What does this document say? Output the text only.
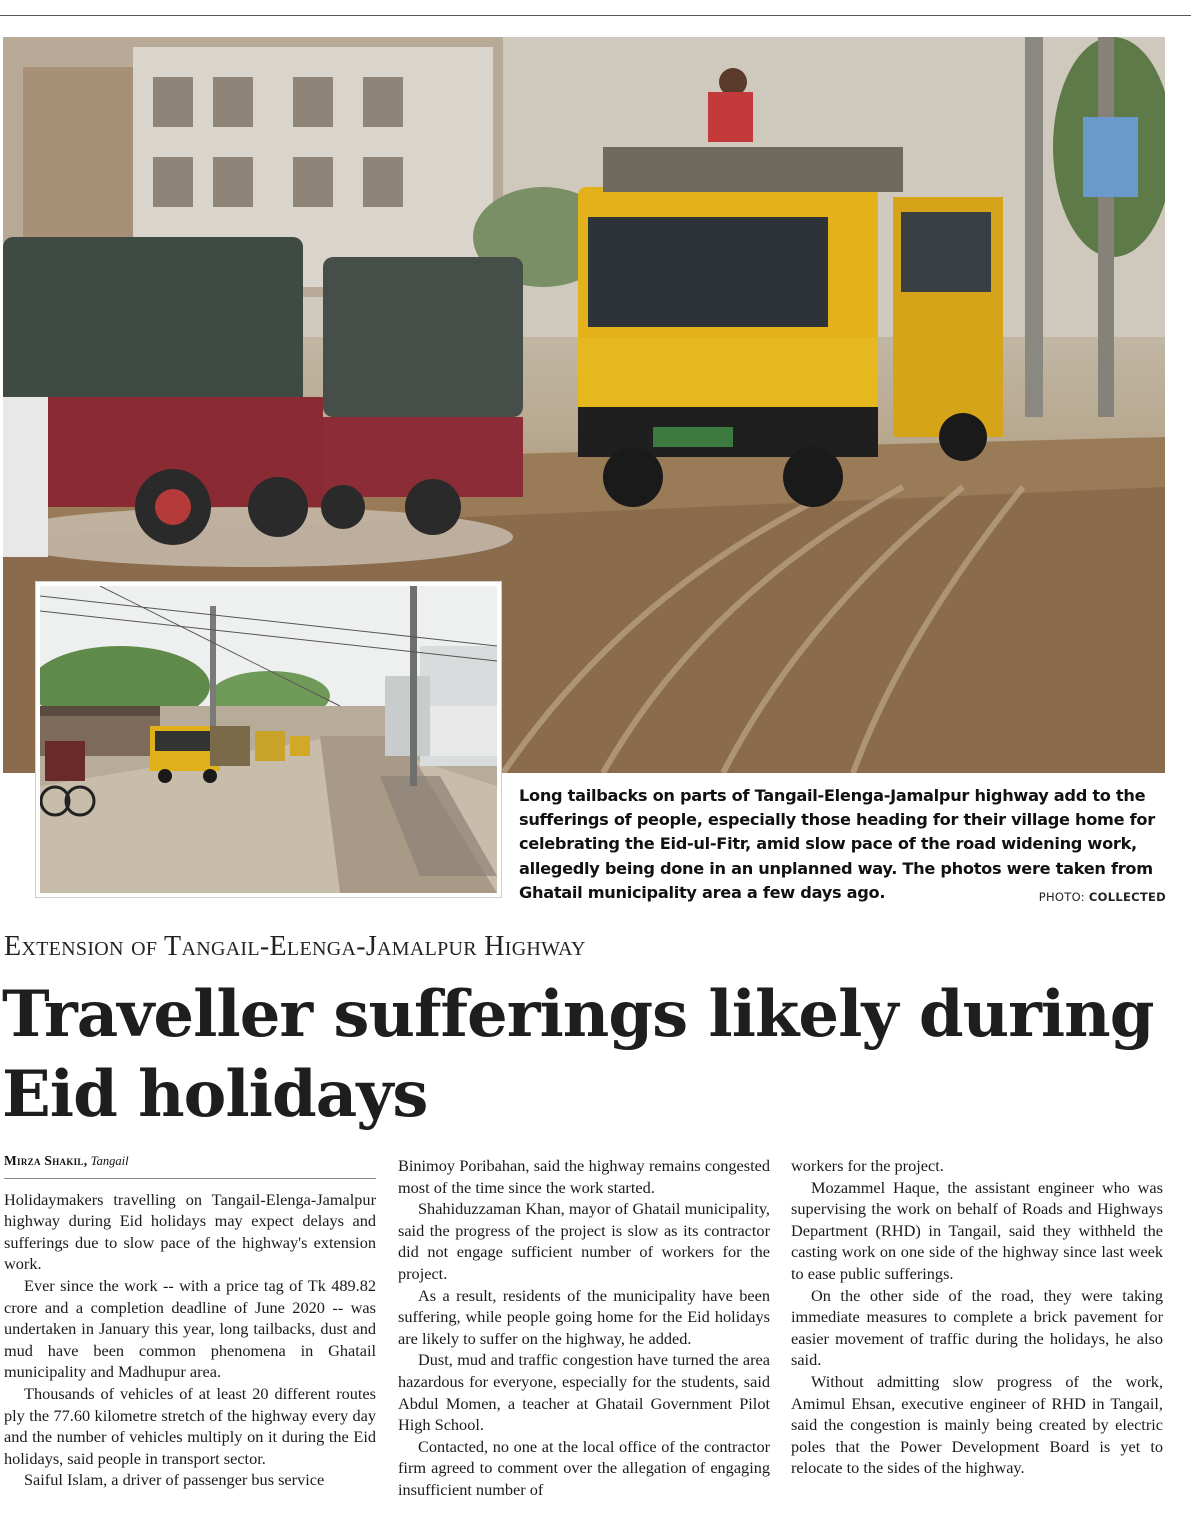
Long tailbacks on parts of Tangail-Elenga-Jamalpur highway add to the sufferings of people, especially those heading for their village home for celebrating the Eid-ul-Fitr, amid slow pace of the road widening work, allegedly being done in an unplanned way. The photos were taken from Ghatail municipality area a few days ago.	PHOTO: COLLECTED
Extension of Tangail-Elenga-Jamalpur Highway
Traveller sufferings likely during Eid holidays
Mirza Shakil, Tangail

Holidaymakers travelling on Tangail-Elenga-Jamalpur highway during Eid holidays may expect delays and sufferings due to slow pace of the highway's extension work.

Ever since the work -- with a price tag of Tk 489.82 crore and a completion deadline of June 2020 -- was undertaken in January this year, long tailbacks, dust and mud have been common phenomena in Ghatail municipality and Madhupur area.

Thousands of vehicles of at least 20 different routes ply the 77.60 kilometre stretch of the highway every day and the number of vehicles multiply on it during the Eid holidays, said people in transport sector.

Saiful Islam, a driver of passenger bus service

Binimoy Poribahan, said the highway remains congested most of the time since the work started.

Shahiduzzaman Khan, mayor of Ghatail municipality, said the progress of the project is slow as its contractor did not engage sufficient number of workers for the project.

As a result, residents of the municipality have been suffering, while people going home for the Eid holidays are likely to suffer on the highway, he added.

Dust, mud and traffic congestion have turned the area hazardous for everyone, especially for the students, said Abdul Momen, a teacher at Ghatail Government Pilot High School.

Contacted, no one at the local office of the contractor firm agreed to comment over the allegation of engaging insufficient number of

workers for the project.

Mozammel Haque, the assistant engineer who was supervising the work on behalf of Roads and Highways Department (RHD) in Tangail, said they withheld the casting work on one side of the highway since last week to ease public sufferings.

On the other side of the road, they were taking immediate measures to complete a brick pavement for easier movement of traffic during the holidays, he also said.

Without admitting slow progress of the work, Amimul Ehsan, executive engineer of RHD in Tangail, said the congestion is mainly being created by electric poles that the Power Development Board is yet to relocate to the sides of the highway.
